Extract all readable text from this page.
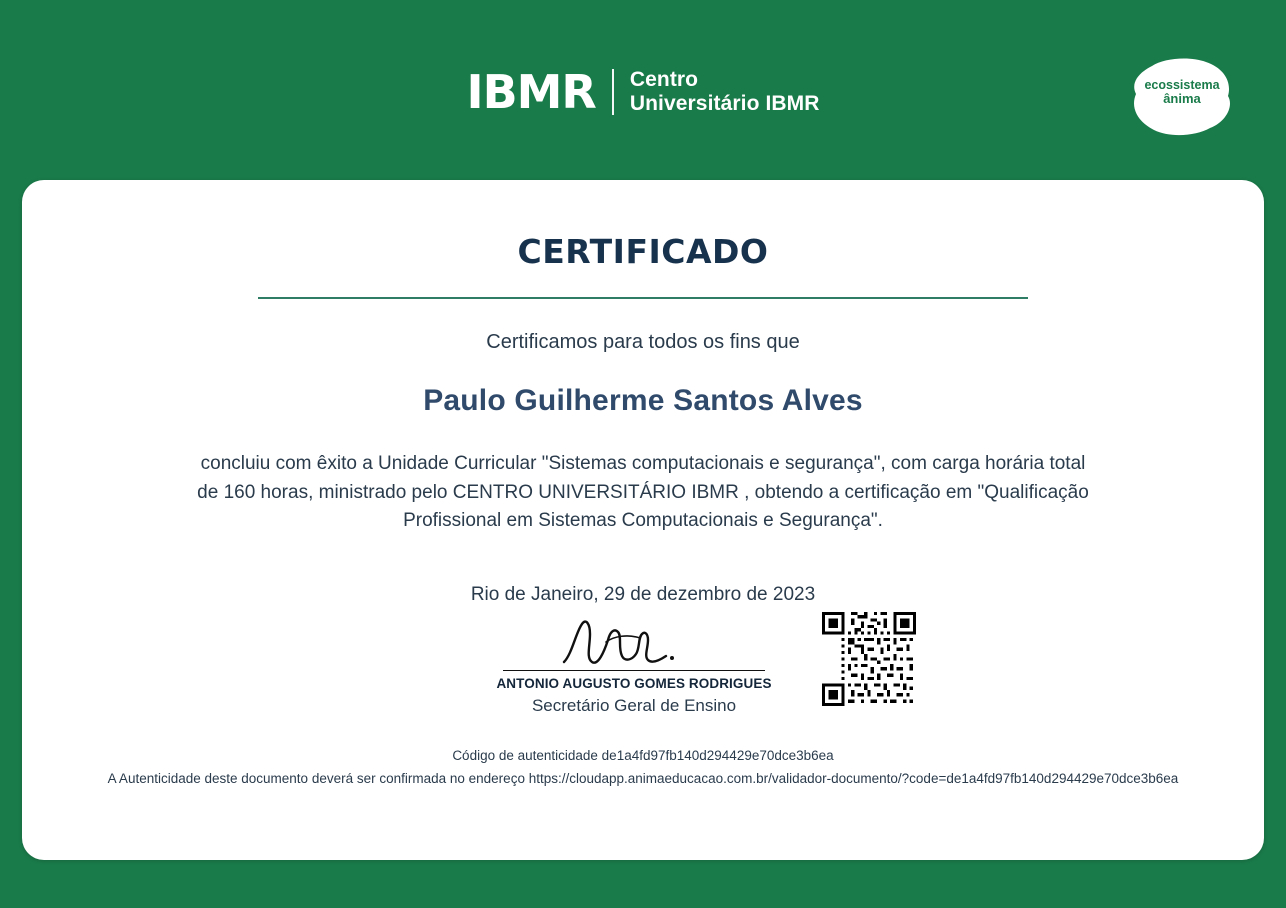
IBMR Centro
Universitário IBMR
ecossistema
ânima
CERTIFICADO
Certificamos para todos os fins que
Paulo Guilherme Santos Alves
concluiu com êxito a Unidade Curricular "Sistemas computacionais e segurança", com carga horária total de 160 horas, ministrado pelo CENTRO UNIVERSITÁRIO IBMR , obtendo a certificação em "Qualificação Profissional em Sistemas Computacionais e Segurança".
Rio de Janeiro, 29 de dezembro de 2023
ANTONIO AUGUSTO GOMES RODRIGUES
Secretário Geral de Ensino
Código de autenticidade de1a4fd97fb140d294429e70dce3b6ea
A Autenticidade deste documento deverá ser confirmada no endereço https://cloudapp.animaeducacao.com.br/validador-documento/?code=de1a4fd97fb140d294429e70dce3b6ea
